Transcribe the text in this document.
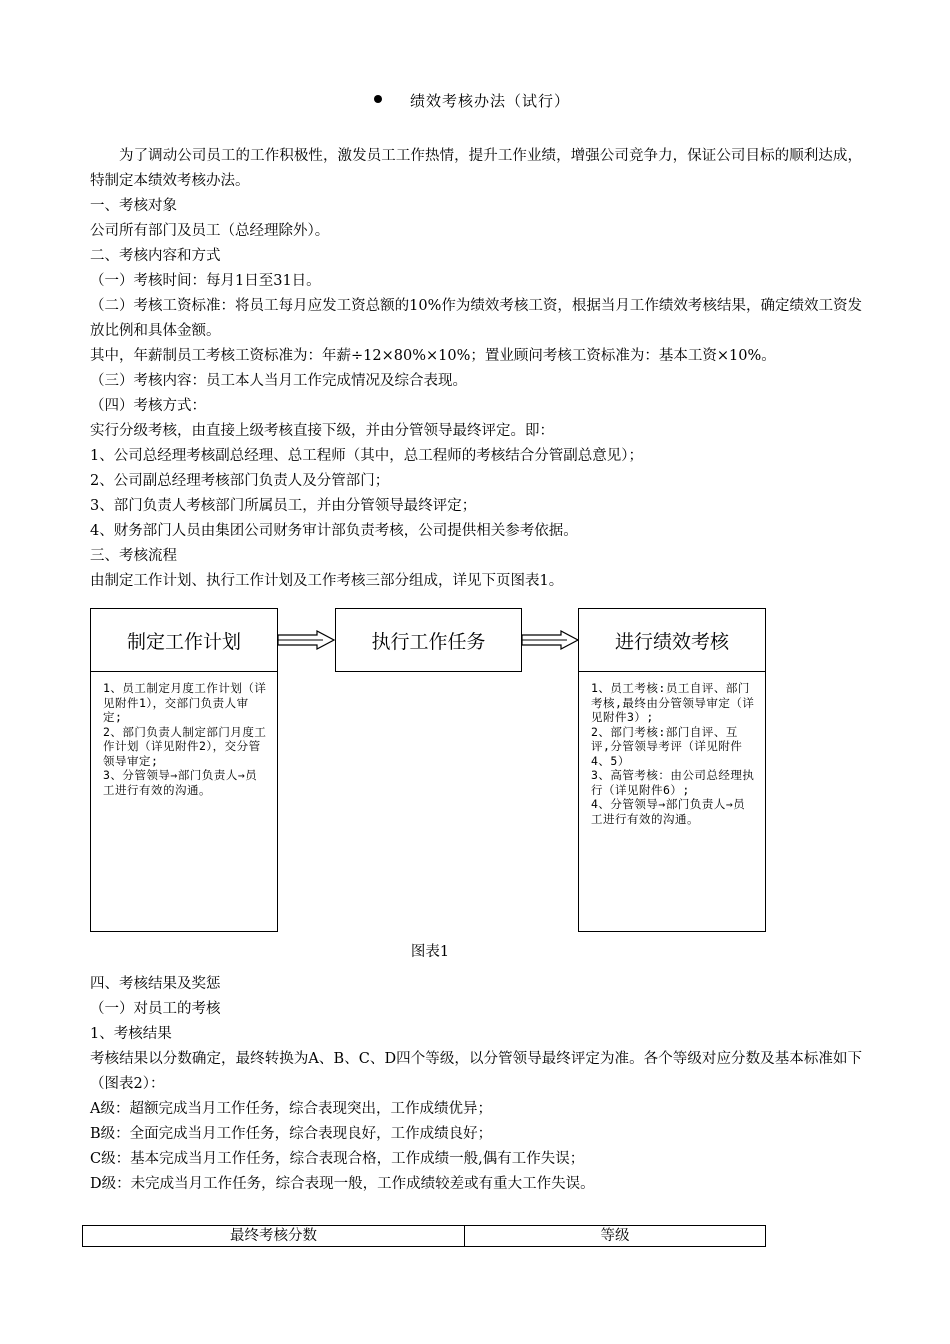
绩效考核办法（试行）

为了调动公司员工的工作积极性，激发员工工作热情，提升工作业绩，增强公司竞争力，保证公司目标的顺利达成，特制定本绩效考核办法。

一、考核对象

公司所有部门及员工（总经理除外）。

二、考核内容和方式

（一）考核时间：每月1日至31日。

（二）考核工资标准：将员工每月应发工资总额的10%作为绩效考核工资，根据当月工作绩效考核结果，确定绩效工资发放比例和具体金额。

其中，年薪制员工考核工资标准为：年薪÷12×80%×10%；置业顾问考核工资标准为：基本工资×10%。

（三）考核内容：员工本人当月工作完成情况及综合表现。

（四）考核方式：

实行分级考核，由直接上级考核直接下级，并由分管领导最终评定。即：

1、公司总经理考核副总经理、总工程师（其中，总工程师的考核结合分管副总意见）；

2、公司副总经理考核部门负责人及分管部门；

3、部门负责人考核部门所属员工，并由分管领导最终评定；

4、财务部门人员由集团公司财务审计部负责考核，公司提供相关参考依据。

三、考核流程

由制定工作计划、执行工作计划及工作考核三部分组成，详见下页图表1。

制定工作计划
1、员工制定月度工作计划（详见附件1），交部门负责人审定;
2、部门负责人制定部门月度工作计划（详见附件2），交分管领导审定;
3、分管领导→部门负责人→员工进行有效的沟通。
执行工作任务	进行绩效考核
1、员工考核:员工自评、部门考核,最终由分管领导审定（详见附件3）;
2、部门考核:部门自评、互评,分管领导考评（详见附件4、5）
3、高管考核：由公司总经理执行（详见附件6）;
4、分管领导→部门负责人→员工进行有效的沟通。
图表1

四、考核结果及奖惩

（一）对员工的考核

1、考核结果

考核结果以分数确定，最终转换为A、B、C、D四个等级，以分管领导最终评定为准。各个等级对应分数及基本标准如下（图表2）：

A级：超额完成当月工作任务，综合表现突出，工作成绩优异；

B级：全面完成当月工作任务，综合表现良好，工作成绩良好；

C级：基本完成当月工作任务，综合表现合格，工作成绩一般,偶有工作失误；

D级：未完成当月工作任务，综合表现一般，工作成绩较差或有重大工作失误。

最终考核分数	等级
